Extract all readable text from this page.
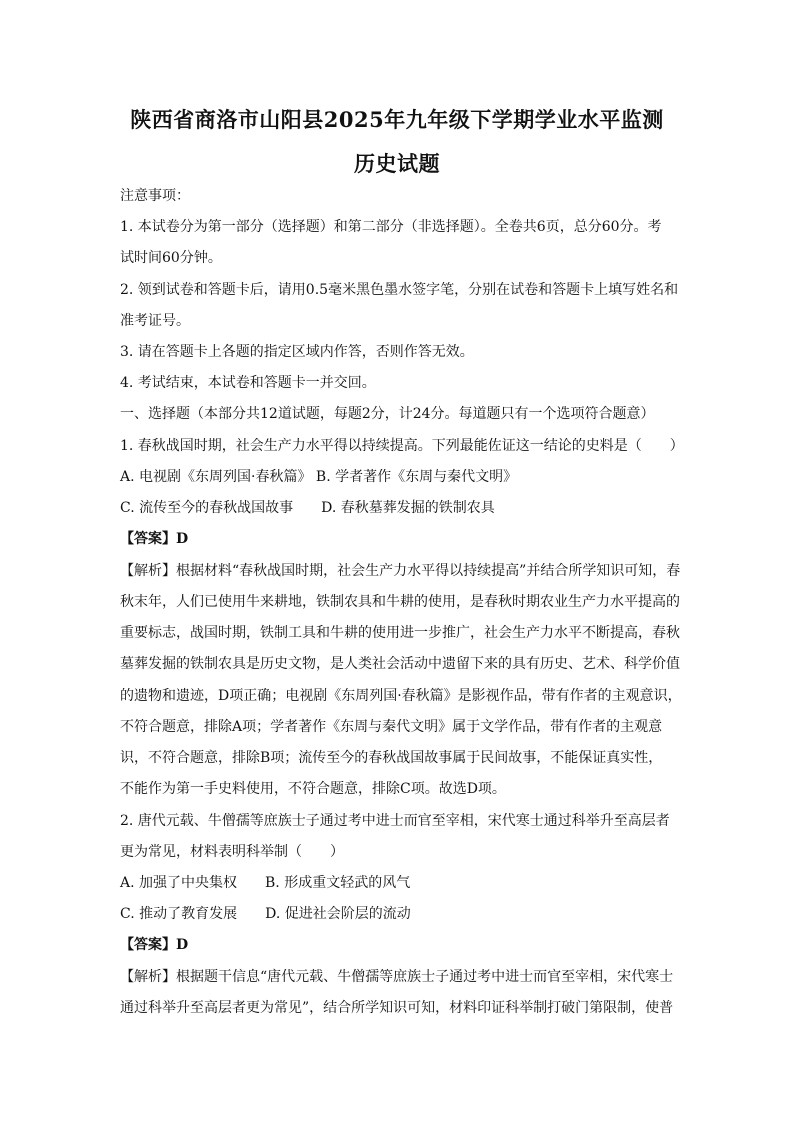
陕西省商洛市山阳县2025年九年级下学期学业水平监测
历史试题
注意事项：
1. 本试卷分为第一部分（选择题）和第二部分（非选择题）。全卷共6页，总分60分。考
试时间60分钟。
2. 领到试卷和答题卡后，请用0.5毫米黑色墨水签字笔，分别在试卷和答题卡上填写姓名和
准考证号。
3. 请在答题卡上各题的指定区域内作答，否则作答无效。
4. 考试结束，本试卷和答题卡一并交回。
一、选择题（本部分共12道试题，每题2分，计24分。每道题只有一个选项符合题意）
1. 春秋战国时期，社会生产力水平得以持续提高。下列最能佐证这一结论的史料是（　　）
A. 电视剧《东周列国·春秋篇》 B. 学者著作《东周与秦代文明》
C. 流传至今的春秋战国故事　　D. 春秋墓葬发掘的铁制农具
【答案】D
【解析】根据材料“春秋战国时期，社会生产力水平得以持续提高”并结合所学知识可知，春
秋末年，人们已使用牛来耕地，铁制农具和牛耕的使用，是春秋时期农业生产力水平提高的
重要标志，战国时期，铁制工具和牛耕的使用进一步推广，社会生产力水平不断提高，春秋
墓葬发掘的铁制农具是历史文物，是人类社会活动中遗留下来的具有历史、艺术、科学价值
的遗物和遗迹，D项正确；电视剧《东周列国·春秋篇》是影视作品，带有作者的主观意识，
不符合题意，排除A项；学者著作《东周与秦代文明》属于文学作品，带有作者的主观意
识，不符合题意，排除B项；流传至今的春秋战国故事属于民间故事，不能保证真实性，
不能作为第一手史料使用，不符合题意，排除C项。故选D项。
2. 唐代元载、牛僧孺等庶族士子通过考中进士而官至宰相，宋代寒士通过科举升至高层者
更为常见，材料表明科举制（　　）
A. 加强了中央集权　　B. 形成重文轻武的风气
C. 推动了教育发展　　D. 促进社会阶层的流动
【答案】D
【解析】根据题干信息“唐代元载、牛僧孺等庶族士子通过考中进士而官至宰相，宋代寒士
通过科举升至高层者更为常见”，结合所学知识可知，材料印证科举制打破门第限制，使普
